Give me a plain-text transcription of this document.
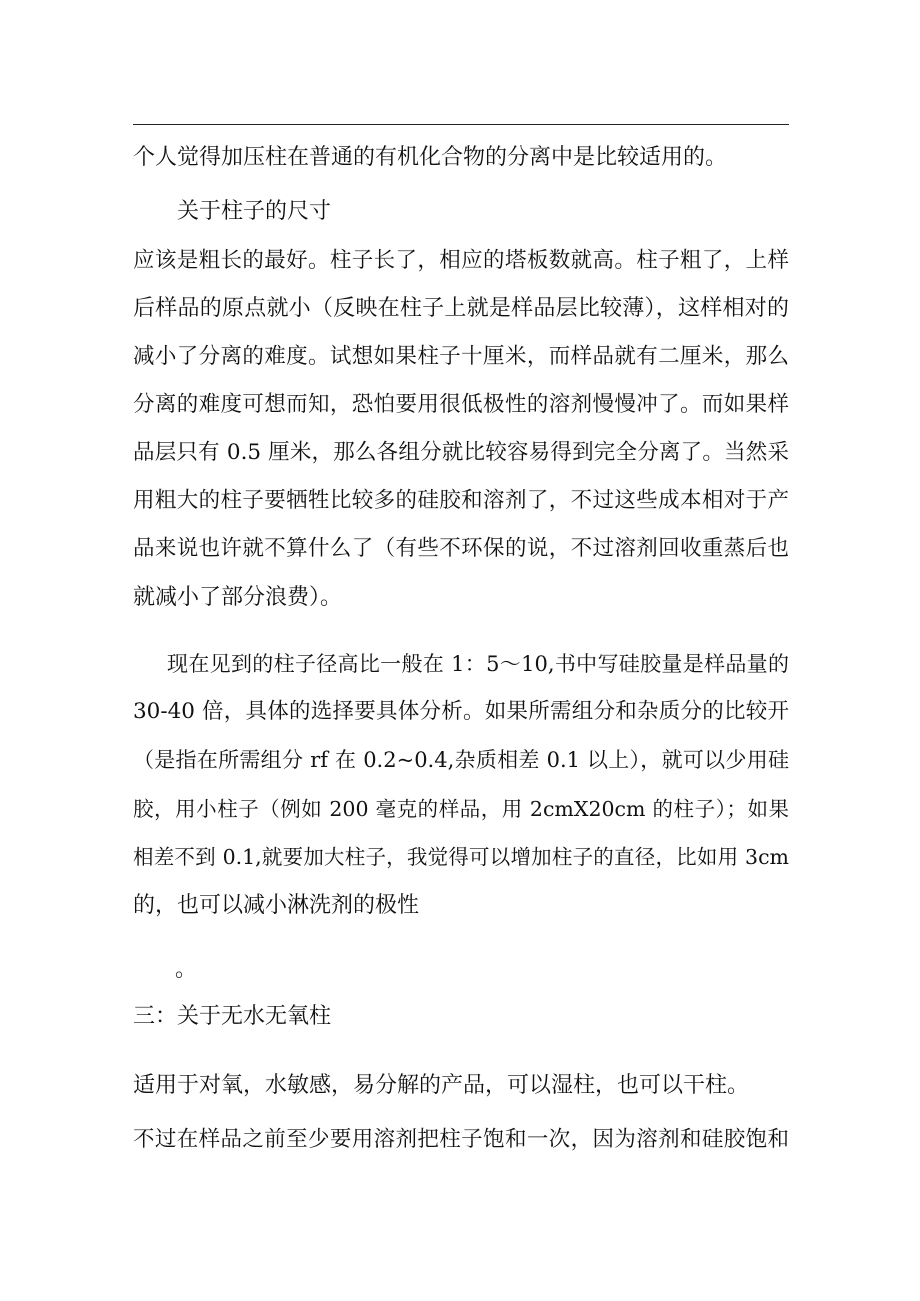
个人觉得加压柱在普通的有机化合物的分离中是比较适用的。
关于柱子的尺寸
应该是粗长的最好。柱子长了，相应的塔板数就高。柱子粗了，上样
后样品的原点就小（反映在柱子上就是样品层比较薄），这样相对的
减小了分离的难度。试想如果柱子十厘米，而样品就有二厘米，那么
分离的难度可想而知，恐怕要用很低极性的溶剂慢慢冲了。而如果样
品层只有 0.5 厘米，那么各组分就比较容易得到完全分离了。当然采
用粗大的柱子要牺牲比较多的硅胶和溶剂了，不过这些成本相对于产
品来说也许就不算什么了（有些不环保的说，不过溶剂回收重蒸后也
就减小了部分浪费）。
现在见到的柱子径高比一般在 1：5～10,书中写硅胶量是样品量的
30-40 倍，具体的选择要具体分析。如果所需组分和杂质分的比较开
（是指在所需组分 rf 在 0.2~0.4,杂质相差 0.1 以上），就可以少用硅
胶，用小柱子（例如 200 毫克的样品，用 2cmX20cm 的柱子）；如果
相差不到 0.1,就要加大柱子，我觉得可以增加柱子的直径，比如用 3cm
的，也可以减小淋洗剂的极性
。
三：关于无水无氧柱
适用于对氧，水敏感，易分解的产品，可以湿柱，也可以干柱。
不过在样品之前至少要用溶剂把柱子饱和一次，因为溶剂和硅胶饱和
